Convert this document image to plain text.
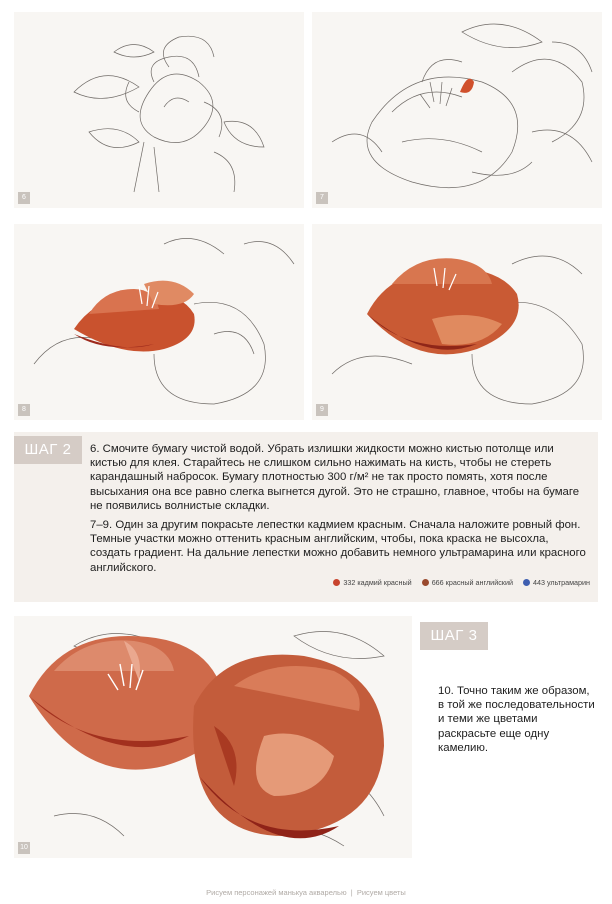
6	7
8	9
ШАГ 2	6. Смочите бумагу чистой водой. Убрать излишки жидкости можно кистью потолще или кистью для клея. Старайтесь не слишком сильно нажимать на кисть, чтобы не стереть карандашный набросок. Бумагу плотностью 300 г/м² не так просто помять, хотя после высыхания она все равно слегка выгнется дугой. Это не страшно, главное, чтобы на бумаге не появились волнистые складки.
7–9. Один за другим покрасьте лепестки кадмием красным. Сначала наложите ровный фон. Темные участки можно оттенить красным английским, чтобы, пока краска не высохла, создать градиент. На дальние лепестки можно добавить немного ультрамарина или красного английского.
332 кадмий красный	666 красный английский	443 ультрамарин
10
ШАГ 3
10. Точно таким же образом, в той же последовательности и теми же цветами раскрасьте еще одну камелию.
Рисуем персонажей манькуа акварелью | Рисуем цветы
